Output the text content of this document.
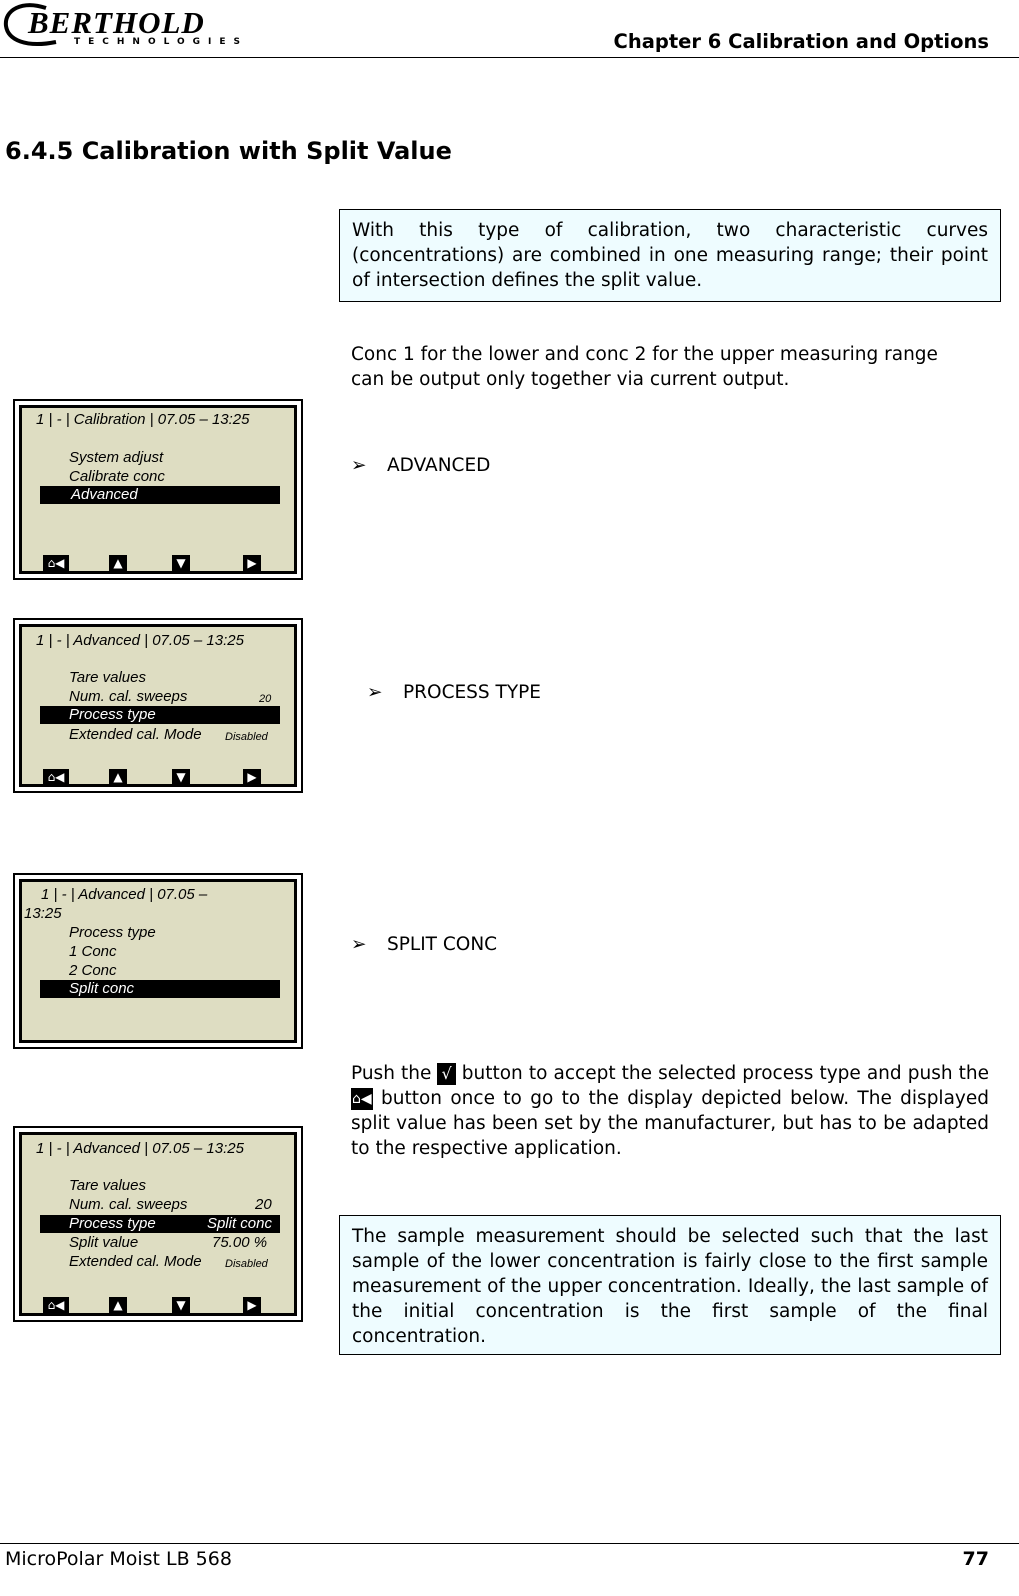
BERTHOLD
TECHNOLOGIES	Chapter 6 Calibration and Options
6.4.5 Calibration with Split Value
With this type of calibration, two characteristic curves (concentrations) are combined in one measuring range; their point of intersection defines the split value.
Conc 1 for the lower and conc 2 for the upper measuring range can be output only together via current output.
1 | - | Calibration | 07.05 – 13:25
System adjust
Calibrate conc
Advanced
⌂◀	▲	▼	▶
➢ ADVANCED
1 | - | Advanced | 07.05 – 13:25
Tare values
Num. cal. sweeps	20
Process type
Extended cal. Mode Disabled
⌂◀	▲	▼	▶
➢ PROCESS TYPE
1 | - | Advanced | 07.05 –
13:25
Process type
1 Conc
2 Conc
Split conc
➢ SPLIT CONC
Push the √ button to accept the selected process type and push the ⌂◀ button once to go to the display depicted below. The displayed split value has been set by the manufacturer, but has to be adapted to the respective application.
1 | - | Advanced | 07.05 – 13:25
Tare values
Num. cal. sweeps	20
Process type	Split conc
Split value	75.00 %
Extended cal. Mode Disabled
⌂◀	▲	▼	▶
The sample measurement should be selected such that the last sample of the lower concentration is fairly close to the first sample measurement of the upper concentration. Ideally, the last sample of the initial concentration is the first sample of the final concentration.
MicroPolar Moist LB 568	77
